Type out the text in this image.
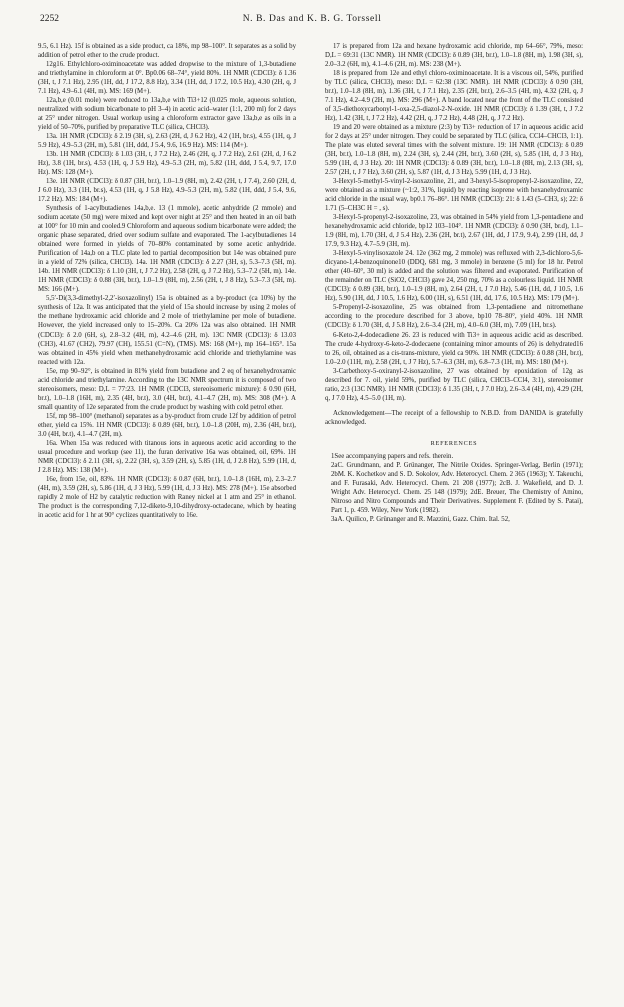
2252	N. B. Das and K. B. G. Torssell

9.5, 6.1 Hz). 15f is obtained as a side product, ca 18%, mp 98–100°. It separates as a solid by addition of petrol ether to the crude product.

12g16. Ethylchloro-oximinoacetate was added dropwise to the mixture of 1,3-butadiene and triethylamine in chloroform at 0°. Bp0.06 68–74°, yield 80%. 1H NMR (CDCl3): δ 1.36 (3H, t, J 7.1 Hz), 2.95 (1H, dd, J 17.2, 8.8 Hz), 3.34 (1H, dd, J 17.2, 10.5 Hz), 4.30 (2H, q, J 7.1 Hz), 4.9–6.1 (4H, m). MS: 169 (M+).

12a,b,e (0.01 mole) were reduced to 13a,b,e with Ti3+12 (0.025 mole, aqueous solution, neutralized with sodium bicarbonate to pH 3–4) in acetic acid–water (1:1, 200 ml) for 2 days at 25° under nitrogen. Usual workup using a chloroform extractor gave 13a,b,e as oils in a yield of 50–70%, purified by preparative TLC (silica, CHCl3).

13a. 1H NMR (CDCl3): δ 2.19 (3H, s), 2.63 (2H, d, J 6.2 Hz), 4.2 (1H, br.s), 4.55 (1H, q, J 5.9 Hz), 4.9–5.3 (2H, m), 5.81 (1H, ddd, J 5.4, 9.6, 16.9 Hz). MS: 114 (M+).

13b. 1H NMR (CDCl3): δ 1.03 (3H, t, J 7.2 Hz), 2.46 (2H, q, J 7.2 Hz), 2.61 (2H, d, J 6.2 Hz), 3.8 (1H, br.s), 4.53 (1H, q, J 5.9 Hz), 4.9–5.3 (2H, m), 5.82 (1H, ddd, J 5.4, 9.7, 17.0 Hz). MS: 128 (M+).

13e. 1H NMR (CDCl3): δ 0.87 (3H, br.t), 1.0–1.9 (8H, m), 2.42 (2H, t, J 7.4), 2.60 (2H, d, J 6.0 Hz), 3.3 (1H, br.s), 4.53 (1H, q, J 5.8 Hz), 4.9–5.3 (2H, m), 5.82 (1H, ddd, J 5.4, 9.6, 17.2 Hz). MS: 184 (M+).

Synthesis of 1-acylbutadienes 14a,b,e. 13 (1 mmole), acetic anhydride (2 mmole) and sodium acetate (50 mg) were mixed and kept over night at 25° and then heated in an oil bath at 100° for 10 min and cooled.9 Chloroform and aqueous sodium bicarbonate were added; the organic phase separated, dried over sodium sulfate and evaporated. The 1-acylbutadienes 14 obtained were formed in yields of 70–80% contaminated by some acetic anhydride. Purification of 14a,b on a TLC plate led to partial decomposition but 14e was obtained pure in a yield of 72% (silica, CHCl3). 14a. 1H NMR (CDCl3): δ 2.27 (3H, s), 5.3–7.3 (5H, m). 14b. 1H NMR (CDCl3): δ 1.10 (3H, t, J 7.2 Hz), 2.58 (2H, q, J 7.2 Hz), 5.3–7.2 (5H, m). 14e. 1H NMR (CDCl3): δ 0.88 (3H, br.t), 1.0–1.9 (8H, m), 2.56 (2H, t, J 8 Hz), 5.3–7.3 (5H, m). MS: 166 (M+).

5,5′-Di(3,3-dimethyl-2,2′-isoxazolinyl) 15a is obtained as a by-product (ca 10%) by the synthesis of 12a. It was anticipated that the yield of 15a should increase by using 2 moles of the methane hydroxamic acid chloride and 2 mole of triethylamine per mole of butadiene. However, the yield increased only to 15–20%. Ca 20% 12a was also obtained. 1H NMR (CDCl3): δ 2.0 (6H, s), 2.8–3.2 (4H, m), 4.2–4.6 (2H, m). 13C NMR (CDCl3): δ 13.03 (CH3), 41.67 (CH2), 79.97 (CH), 155.51 (C=N), (TMS). MS: 168 (M+), mp 164–165°. 15a was obtained in 45% yield when methanehydroxamic acid chloride and triethylamine was reacted with 12a.

15e, mp 90–92°, is obtained in 81% yield from butadiene and 2 eq of hexanehydroxamic acid chloride and triethylamine. According to the 13C NMR spectrum it is composed of two stereoisomers, meso: D,L = 77:23. 1H NMR (CDCl3, stereoisomeric mixture): δ 0.90 (6H, br.t), 1.0–1.8 (16H, m), 2.35 (4H, br.t), 3.0 (4H, br.t), 4.1–4.7 (2H, m). MS: 308 (M+). A small quantity of 12e separated from the crude product by washing with cold petrol ether.

15f, mp 98–100° (methanol) separates as a by-product from crude 12f by addition of petrol ether, yield ca 15%. 1H NMR (CDCl3): δ 0.89 (6H, br.t), 1.0–1.8 (20H, m), 2.36 (4H, br.t), 3.0 (4H, br.t), 4.1–4.7 (2H, m).

16a. When 15a was reduced with titanous ions in aqueous acetic acid according to the usual procedure and workup (see 11), the furan derivative 16a was obtained, oil, 69%. 1H NMR (CDCl3): δ 2.11 (3H, s), 2.22 (3H, s), 3.59 (2H, s), 5.85 (1H, d, J 2.8 Hz), 5.99 (1H, d, J 2.8 Hz). MS: 138 (M+).

16e, from 15e, oil, 83%. 1H NMR (CDCl3): δ 0.87 (6H, br.t), 1.0–1.8 (16H, m), 2.3–2.7 (4H, m), 3.59 (2H, s), 5.86 (1H, d, J 3 Hz), 5.99 (1H, d, J 3 Hz). MS: 278 (M+). 15e absorbed rapidly 2 mole of H2 by catalytic reduction with Raney nickel at 1 atm and 25° in ethanol. The product is the corresponding 7,12-diketo-9,10-dihydroxy-octadecane, which by heating in acetic acid for 1 hr at 90° cyclizes quantitatively to 16e.

17 is prepared from 12a and hexane hydroxamic acid chloride, mp 64–66°, 79%, meso: D,L = 69:31 (13C NMR). 1H NMR (CDCl3): δ 0.89 (3H, br.t), 1.0–1.8 (8H, m), 1.98 (3H, s), 2.0–3.2 (6H, m), 4.1–4.6 (2H, m). MS: 238 (M+).

18 is prepared from 12e and ethyl chloro-oximinoacetate. It is a viscous oil, 54%, purified by TLC (silica, CHCl3), meso: D,L = 62:38 (13C NMR). 1H NMR (CDCl3): δ 0.90 (3H, br.t), 1.0–1.8 (8H, m), 1.36 (3H, t, J 7.1 Hz), 2.35 (2H, br.t), 2.6–3.5 (4H, m), 4.32 (2H, q, J 7.1 Hz), 4.2–4.9 (2H, m). MS: 296 (M+). A band located near the front of the TLC consisted of 3,5-diethoxycarbonyl-1-oxa-2,5-diazol-2-N-oxide. 1H NMR (CDCl3): δ 1.39 (3H, t, J 7.2 Hz), 1.42 (3H, t, J 7.2 Hz), 4.42 (2H, q, J 7.2 Hz), 4.48 (2H, q, J 7.2 Hz).

19 and 20 were obtained as a mixture (2:3) by Ti3+ reduction of 17 in aqueous acidic acid for 2 days at 25° under nitrogen. They could be separated by TLC (silica, CCl4–CHCl3, 1:1). The plate was eluted several times with the solvent mixture. 19: 1H NMR (CDCl3): δ 0.89 (3H, br.t), 1.0–1.8 (8H, m), 2.24 (3H, s), 2.44 (2H, br.t), 3.60 (2H, s), 5.85 (1H, d, J 3 Hz), 5.99 (1H, d, J 3 Hz). 20: 1H NMR (CDCl3): δ 0.89 (3H, br.t), 1.0–1.8 (8H, m), 2.13 (3H, s), 2.57 (2H, t, J 7 Hz), 3.60 (2H, s), 5.87 (1H, d, J 3 Hz), 5.99 (1H, d, J 3 Hz).

3-Hexyl-5-methyl-5-vinyl-2-isoxazoline, 21, and 3-hexyl-5-isopropenyl-2-isoxazoline, 22, were obtained as a mixture (~1:2, 31%, liquid) by reacting isoprene with hexanehydroxamic acid chloride in the usual way, bp0.1 76–86°. 1H NMR (CDCl3): 21: δ 1.43 (5–CH3, s); 22: δ 1.71 (5–CH3C H = , s).

3-Hexyl-5-propenyl-2-isoxazoline, 23, was obtained in 54% yield from 1,3-pentadiene and hexanehydroxamic acid chloride, bp12 103–104°. 1H NMR (CDCl3): δ 0.90 (3H, br.d), 1.1–1.9 (8H, m), 1.70 (3H, d, J 5.4 Hz), 2.36 (2H, br.t), 2.67 (1H, dd, J 17.9, 9.4), 2.99 (1H, dd, J 17.9, 9.3 Hz), 4.7–5.9 (3H, m).

3-Hexyl-5-vinylisoxazole 24. 12e (362 mg, 2 mmole) was refluxed with 2,3-dichloro-5,6-dicyano-1,4-benzoquinone10 (DDQ, 681 mg, 3 mmole) in benzene (5 ml) for 18 hr. Petrol ether (40–60°, 30 ml) is added and the solution was filtered and evaporated. Purification of the remainder on TLC (SiO2, CHCl3) gave 24, 250 mg, 70% as a colourless liquid. 1H NMR (CDCl3): δ 0.89 (3H, br.t), 1.0–1.9 (8H, m), 2.64 (2H, t, J 7.0 Hz), 5.46 (1H, dd, J 10.5, 1.6 Hz), 5.90 (1H, dd, J 10.5, 1.6 Hz), 6.00 (1H, s), 6.51 (1H, dd, 17.6, 10.5 Hz). MS: 179 (M+).

5-Propenyl-2-isoxazoline, 25 was obtained from 1,3-pentadiene and nitromethane according to the procedure described for 3 above, bp10 78–80°, yield 40%. 1H NMR (CDCl3): δ 1.70 (3H, d, J 5.8 Hz), 2.6–3.4 (2H, m), 4.0–6.0 (3H, m), 7.09 (1H, br.s).

6-Keto-2,4-dodecadiene 26. 23 is reduced with Ti3+ in aqueous acidic acid as described. The crude 4-hydroxy-6-keto-2-dodecaene (containing minor amounts of 26) is dehydrated16 to 26, oil, obtained as a cis-trans-mixture, yield ca 90%. 1H NMR (CDCl3): δ 0.88 (3H, br.t), 1.0–2.0 (11H, m), 2.58 (2H, t, J 7 Hz), 5.7–6.3 (3H, m), 6.8–7.3 (1H, m). MS: 180 (M+).

3-Carbethoxy-5-oxiranyl-2-isoxazoline, 27 was obtained by epoxidation of 12g as described for 7. oil, yield 59%, purified by TLC (silica, CHCl3–CCl4, 3:1), stereoisomer ratio, 2:3 (13C NMR). 1H NMR (CDCl3): δ 1.35 (3H, t, J 7.0 Hz), 2.6–3.4 (4H, m), 4.29 (2H, q, J 7.0 Hz), 4.5–5.0 (1H, m).

Acknowledgement—The receipt of a fellowship to N.B.D. from DANIDA is gratefully acknowledged.

REFERENCES

1See accompanying papers and refs. therein.

2aC. Grundmann, and P. Grünanger, The Nitrile Oxides. Springer-Verlag, Berlin (1971); 2bM. K. Kochetkov and S. D. Sokolov, Adv. Heterocycl. Chem. 2 365 (1963); Y. Takeuchi, and F. Furasaki, Adv. Heterocycl. Chem. 21 208 (1977); 2cB. J. Wakefield, and D. J. Wright Adv. Heterocycl. Chem. 25 148 (1979); 2dE. Breuer, The Chemistry of Amino, Nitroso and Nitro Compounds and Their Derivatives. Supplement F. (Edited by S. Patai), Part 1, p. 459. Wiley, New York (1982).

3aA. Quilico, P. Grünanger and R. Mazzini, Gazz. Chim. Ital. 52,
